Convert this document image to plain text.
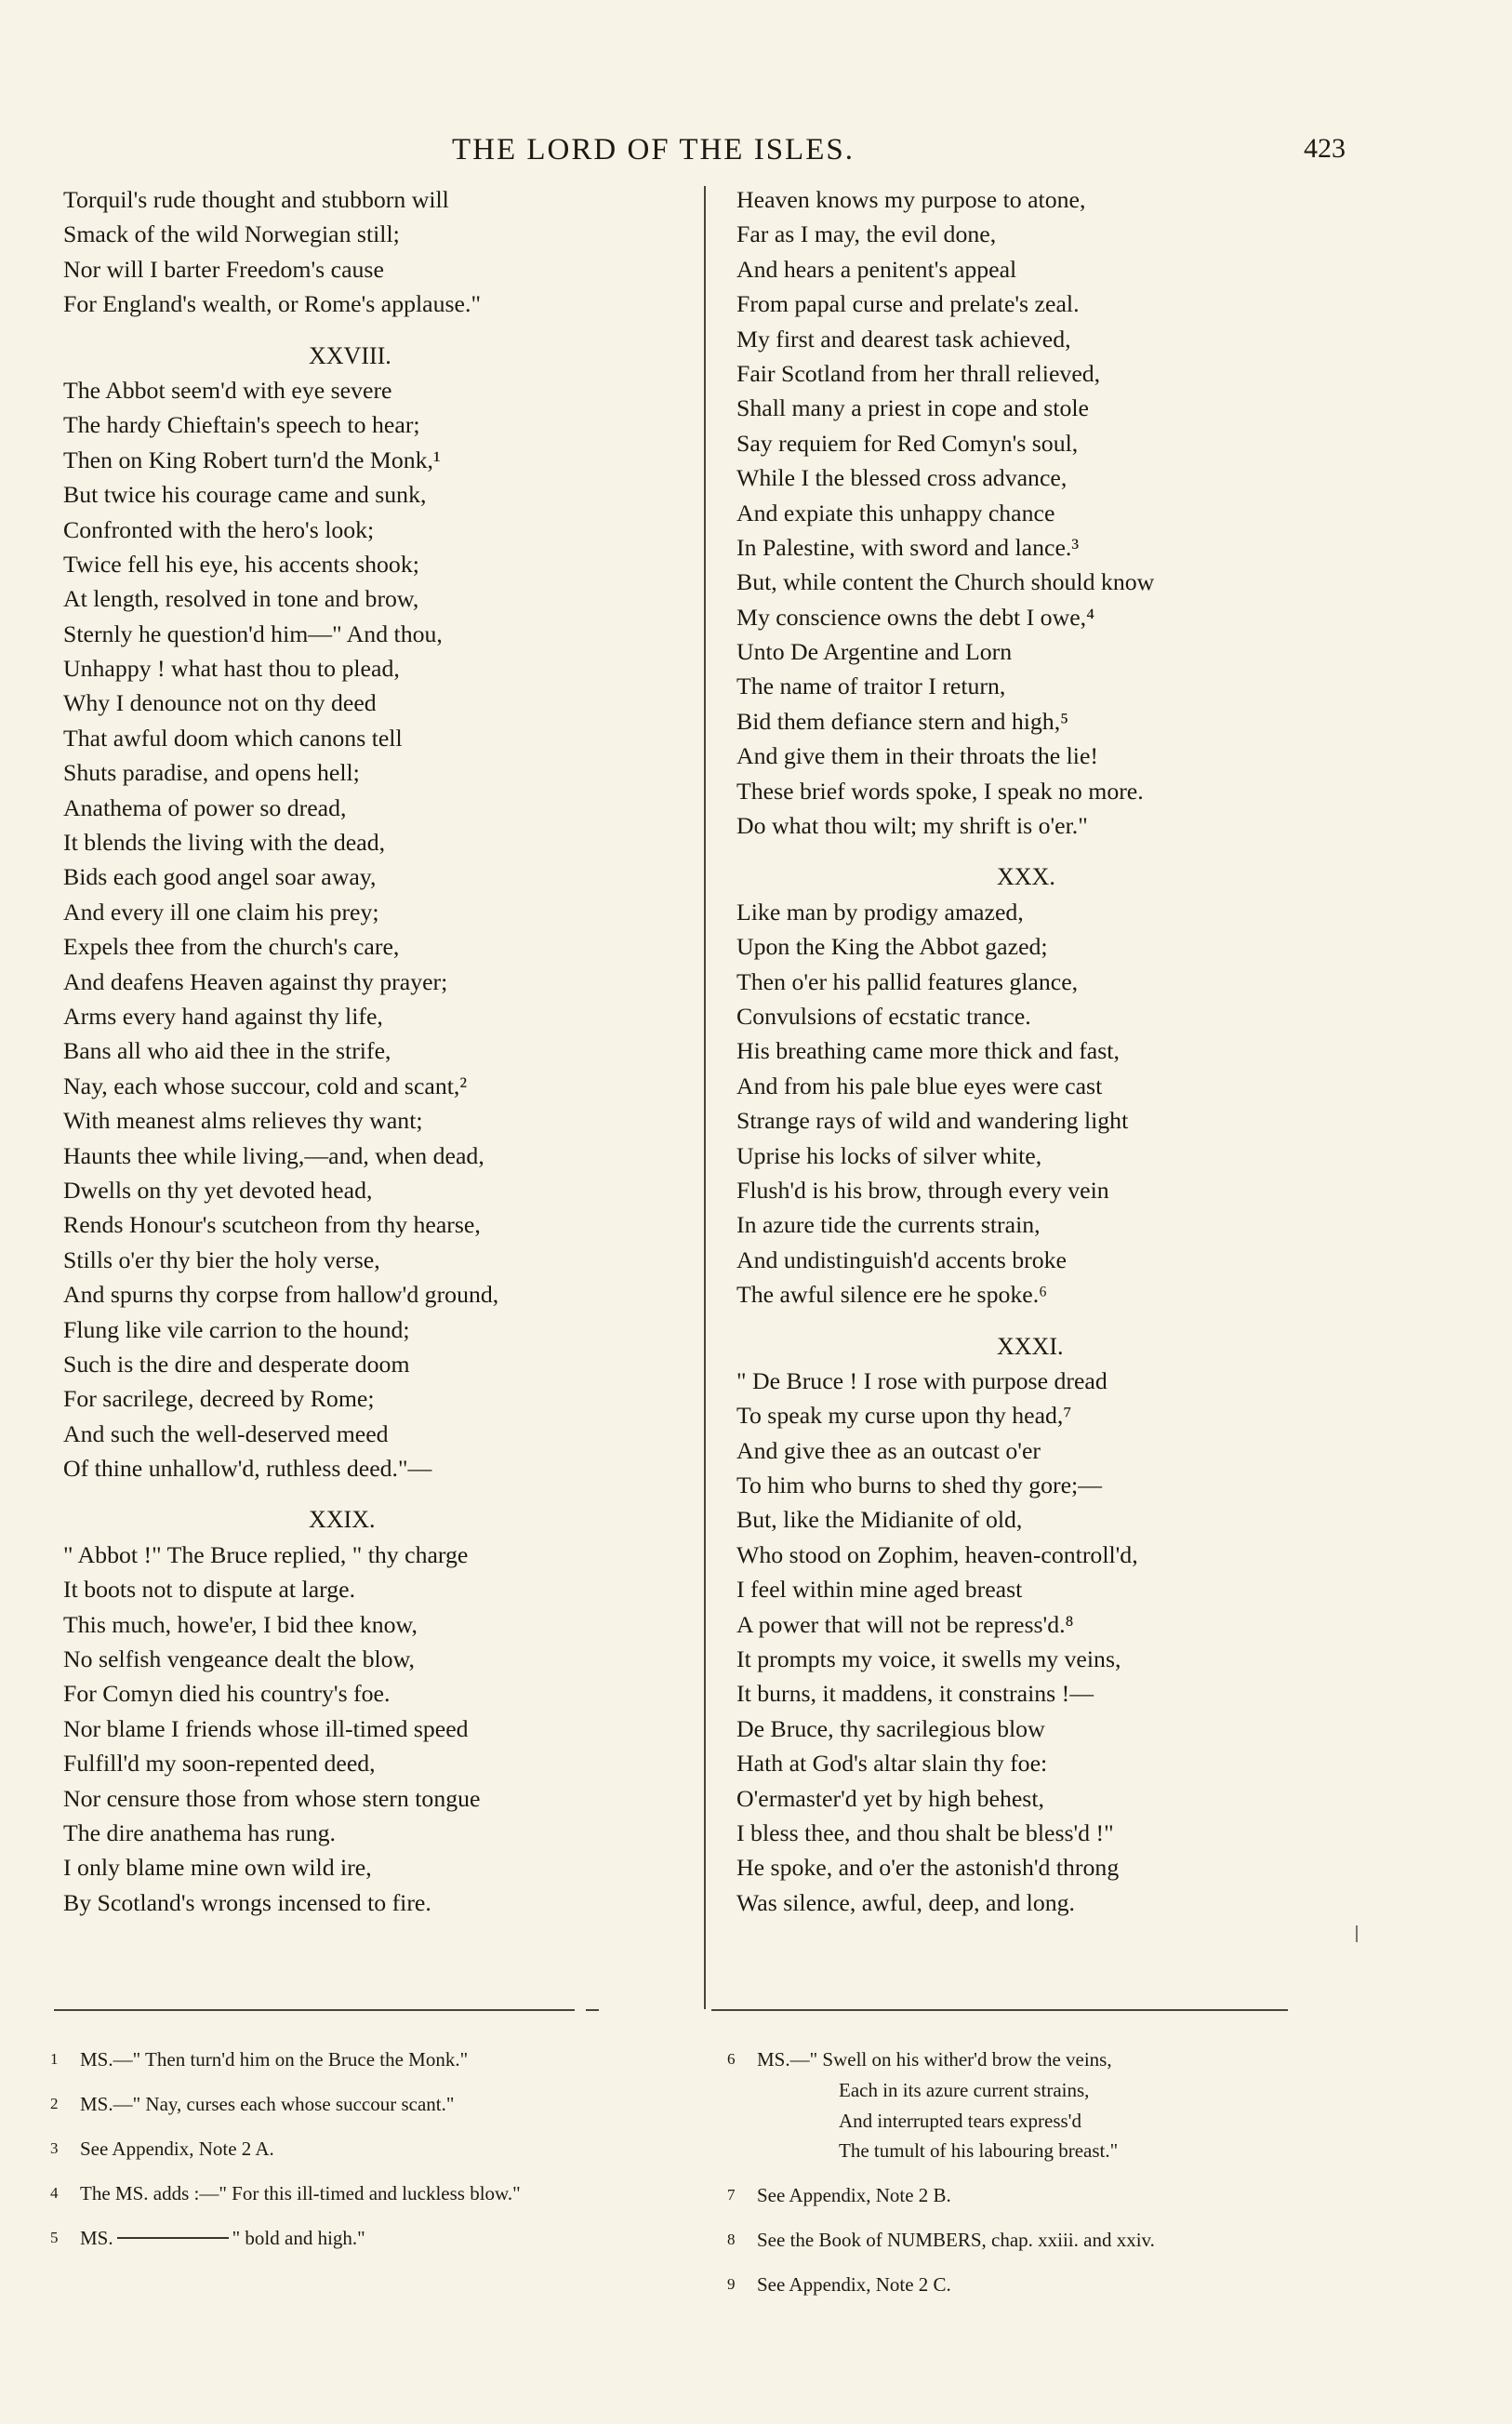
THE LORD OF THE ISLES.	423
Torquil's rude thought and stubborn will
Smack of the wild Norwegian still;
Nor will I barter Freedom's cause
For England's wealth, or Rome's applause."
XXVIII.
The Abbot seem'd with eye severe
The hardy Chieftain's speech to hear;
Then on King Robert turn'd the Monk,¹
But twice his courage came and sunk,
Confronted with the hero's look;
Twice fell his eye, his accents shook;
At length, resolved in tone and brow,
Sternly he question'd him—" And thou,
Unhappy ! what hast thou to plead,
Why I denounce not on thy deed
That awful doom which canons tell
Shuts paradise, and opens hell;
Anathema of power so dread,
It blends the living with the dead,
Bids each good angel soar away,
And every ill one claim his prey;
Expels thee from the church's care,
And deafens Heaven against thy prayer;
Arms every hand against thy life,
Bans all who aid thee in the strife,
Nay, each whose succour, cold and scant,²
With meanest alms relieves thy want;
Haunts thee while living,—and, when dead,
Dwells on thy yet devoted head,
Rends Honour's scutcheon from thy hearse,
Stills o'er thy bier the holy verse,
And spurns thy corpse from hallow'd ground,
Flung like vile carrion to the hound;
Such is the dire and desperate doom
For sacrilege, decreed by Rome;
And such the well-deserved meed
Of thine unhallow'd, ruthless deed."—
XXIX.
" Abbot !" The Bruce replied, " thy charge
It boots not to dispute at large.
This much, howe'er, I bid thee know,
No selfish vengeance dealt the blow,
For Comyn died his country's foe.
Nor blame I friends whose ill-timed speed
Fulfill'd my soon-repented deed,
Nor censure those from whose stern tongue
The dire anathema has rung.
I only blame mine own wild ire,
By Scotland's wrongs incensed to fire.
Heaven knows my purpose to atone,
Far as I may, the evil done,
And hears a penitent's appeal
From papal curse and prelate's zeal.
My first and dearest task achieved,
Fair Scotland from her thrall relieved,
Shall many a priest in cope and stole
Say requiem for Red Comyn's soul,
While I the blessed cross advance,
And expiate this unhappy chance
In Palestine, with sword and lance.³
But, while content the Church should know
My conscience owns the debt I owe,⁴
Unto De Argentine and Lorn
The name of traitor I return,
Bid them defiance stern and high,⁵
And give them in their throats the lie!
These brief words spoke, I speak no more.
Do what thou wilt; my shrift is o'er."
XXX.
Like man by prodigy amazed,
Upon the King the Abbot gazed;
Then o'er his pallid features glance,
Convulsions of ecstatic trance.
His breathing came more thick and fast,
And from his pale blue eyes were cast
Strange rays of wild and wandering light
Uprise his locks of silver white,
Flush'd is his brow, through every vein
In azure tide the currents strain,
And undistinguish'd accents broke
The awful silence ere he spoke.⁶
XXXI.
" De Bruce ! I rose with purpose dread
To speak my curse upon thy head,⁷
And give thee as an outcast o'er
To him who burns to shed thy gore;—
But, like the Midianite of old,
Who stood on Zophim, heaven-controll'd,
I feel within mine aged breast
A power that will not be repress'd.⁸
It prompts my voice, it swells my veins,
It burns, it maddens, it constrains !—
De Bruce, thy sacrilegious blow
Hath at God's altar slain thy foe:
O'ermaster'd yet by high behest,
I bless thee, and thou shalt be bless'd !"
He spoke, and o'er the astonish'd throng
Was silence, awful, deep, and long.
1 MS.—" Then turn'd him on the Bruce the Monk."
2 MS.—" Nay, curses each whose succour scant."
3 See Appendix, Note 2 A.
4 The MS. adds :—" For this ill-timed and luckless blow."
5 MS.	" bold and high."
6 MS.—" Swell on his wither'd brow the veins,
Each in its azure current strains,
And interrupted tears express'd
The tumult of his labouring breast."
7 See Appendix, Note 2 B.
8 See the Book of NUMBERS, chap. xxiii. and xxiv.
9 See Appendix, Note 2 C.
